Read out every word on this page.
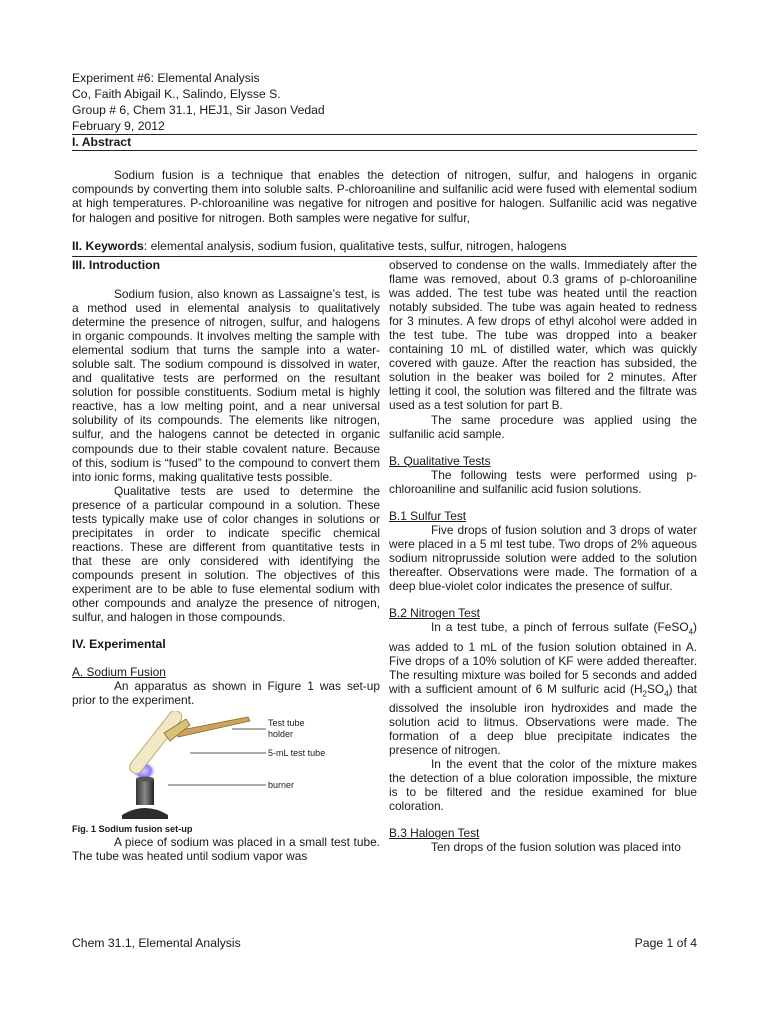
Experiment #6: Elemental Analysis
Co, Faith Abigail K., Salindo, Elysse S.
Group # 6, Chem 31.1, HEJ1, Sir Jason Vedad
February 9, 2012
I. Abstract
Sodium fusion is a technique that enables the detection of nitrogen, sulfur, and halogens in organic compounds by converting them into soluble salts. P-chloroaniline and sulfanilic acid were fused with elemental sodium at high temperatures. P-chloroaniline was negative for nitrogen and positive for halogen. Sulfanilic acid was negative for halogen and positive for nitrogen. Both samples were negative for sulfur,
II. Keywords: elemental analysis, sodium fusion, qualitative tests, sulfur, nitrogen, halogens

III. Introduction

Sodium fusion, also known as Lassaigne’s test, is a method used in elemental analysis to qualitatively determine the presence of nitrogen, sulfur, and halogens in organic compounds. It involves melting the sample with elemental sodium that turns the sample into a water-soluble salt. The sodium compound is dissolved in water, and qualitative tests are performed on the resultant solution for possible constituents. Sodium metal is highly reactive, has a low melting point, and a near universal solubility of its compounds. The elements like nitrogen, sulfur, and the halogens cannot be detected in organic compounds due to their stable covalent nature. Because of this, sodium is “fused” to the compound to convert them into ionic forms, making qualitative tests possible.

Qualitative tests are used to determine the presence of a particular compound in a solution. These tests typically make use of color changes in solutions or precipitates in order to indicate specific chemical reactions. These are different from quantitative tests in that these are only considered with identifying the compounds present in solution. The objectives of this experiment are to be able to fuse elemental sodium with other compounds and analyze the presence of nitrogen, sulfur, and halogen in those compounds.

IV. Experimental

A. Sodium Fusion

An apparatus as shown in Figure 1 was set-up prior to the experiment.

Test tube
holder
5-mL test tube
burner

Fig. 1 Sodium fusion set-up

A piece of sodium was placed in a small test tube. The tube was heated until sodium vapor was

observed to condense on the walls. Immediately after the flame was removed, about 0.3 grams of p-chloroaniline was added. The test tube was heated until the reaction notably subsided. The tube was again heated to redness for 3 minutes. A few drops of ethyl alcohol were added in the test tube. The tube was dropped into a beaker containing 10 mL of distilled water, which was quickly covered with gauze. After the reaction has subsided, the solution in the beaker was boiled for 2 minutes. After letting it cool, the solution was filtered and the filtrate was used as a test solution for part B.

The same procedure was applied using the sulfanilic acid sample.

B. Qualitative Tests

The following tests were performed using p-chloroaniline and sulfanilic acid fusion solutions.

B.1 Sulfur Test

Five drops of fusion solution and 3 drops of water were placed in a 5 ml test tube. Two drops of 2% aqueous sodium nitroprusside solution were added to the solution thereafter. Observations were made. The formation of a deep blue-violet color indicates the presence of sulfur.

B.2 Nitrogen Test

In a test tube, a pinch of ferrous sulfate (FeSO$_4$) was added to 1 mL of the fusion solution obtained in A. Five drops of a 10% solution of KF were added thereafter. The resulting mixture was boiled for 5 seconds and added with a sufficient amount of 6 M sulfuric acid $(H_2SO_4)$ that dissolved the insoluble iron hydroxides and made the solution acid to litmus. Observations were made. The formation of a deep blue precipitate indicates the presence of nitrogen.

In the event that the color of the mixture makes the detection of a blue coloration impossible, the mixture is to be filtered and the residue examined for blue coloration.

B.3 Halogen Test

Ten drops of the fusion solution was placed into

Chem 31.1, Elemental Analysis	Page 1 of 4
